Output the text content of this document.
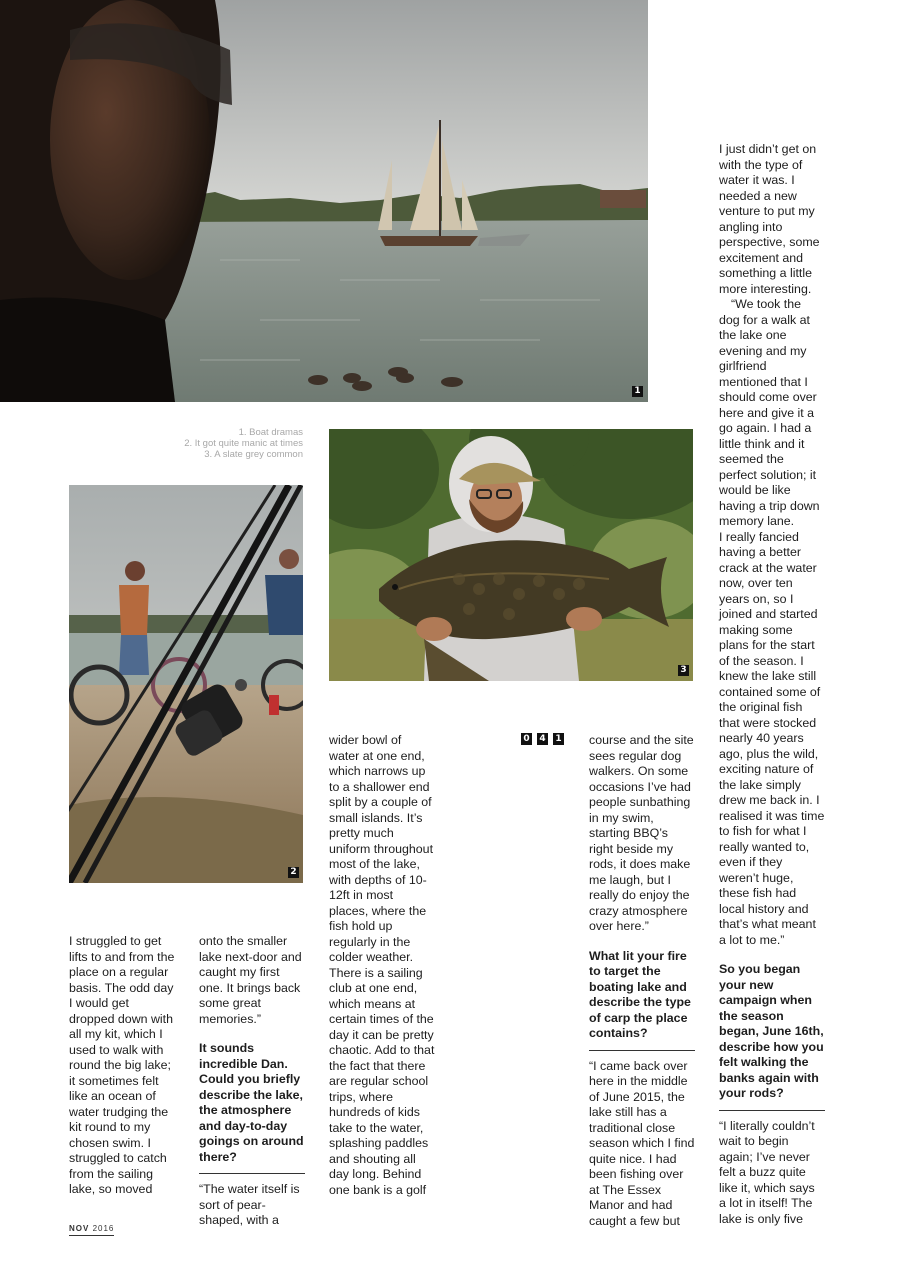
1
1. Boat dramas
2. It got quite manic at times
3. A slate grey common
2
3
0 4 1

I struggled to get lifts to and from the place on a regular basis. The odd day I would get dropped down with all my kit, which I used to walk with round the big lake; it sometimes felt like an ocean of water trudging the kit round to my chosen swim. I struggled to catch from the sailing lake, so moved

onto the smaller lake next-door and caught my first one. It brings back some great memories.”

It sounds incredible Dan. Could you briefly describe the lake, the atmosphere and day-to-day goings on around there?

“The water itself is sort of pear-shaped, with a

wider bowl of water at one end, which narrows up to a shallower end split by a couple of small islands. It’s pretty much uniform throughout most of the lake, with depths of 10-12ft in most places, where the fish hold up regularly in the colder weather. There is a sailing club at one end, which means at certain times of the day it can be pretty chaotic. Add to that the fact that there are regular school trips, where hundreds of kids take to the water, splashing paddles and shouting all day long. Behind one bank is a golf

course and the site sees regular dog walkers. On some occasions I’ve had people sunbathing in my swim, starting BBQ’s right beside my rods, it does make me laugh, but I really do enjoy the crazy atmosphere over here.”

What lit your fire to target the boating lake and describe the type of carp the place contains?

“I came back over here in the middle of June 2015, the lake still has a traditional close season which I find quite nice. I had been fishing over at The Essex Manor and had caught a few but

I just didn’t get on with the type of water it was. I needed a new venture to put my angling into perspective, some excitement and something a little more interesting.

“We took the dog for a walk at the lake one evening and my girlfriend mentioned that I should come over here and give it a go again. I had a little think and it seemed the perfect solution; it would be like having a trip down memory lane.

I really fancied having a better crack at the water now, over ten years on, so I joined and started making some plans for the start of the season. I knew the lake still contained some of the original fish that were stocked nearly 40 years ago, plus the wild, exciting nature of the lake simply drew me back in. I realised it was time to fish for what I really wanted to, even if they weren’t huge, these fish had local history and that’s what meant a lot to me.”

So you began your new campaign when the season began, June 16th, describe how you felt walking the banks again with your rods?

“I literally couldn’t wait to begin again; I’ve never felt a buzz quite like it, which says a lot in itself! The lake is only five

NOV 2016
